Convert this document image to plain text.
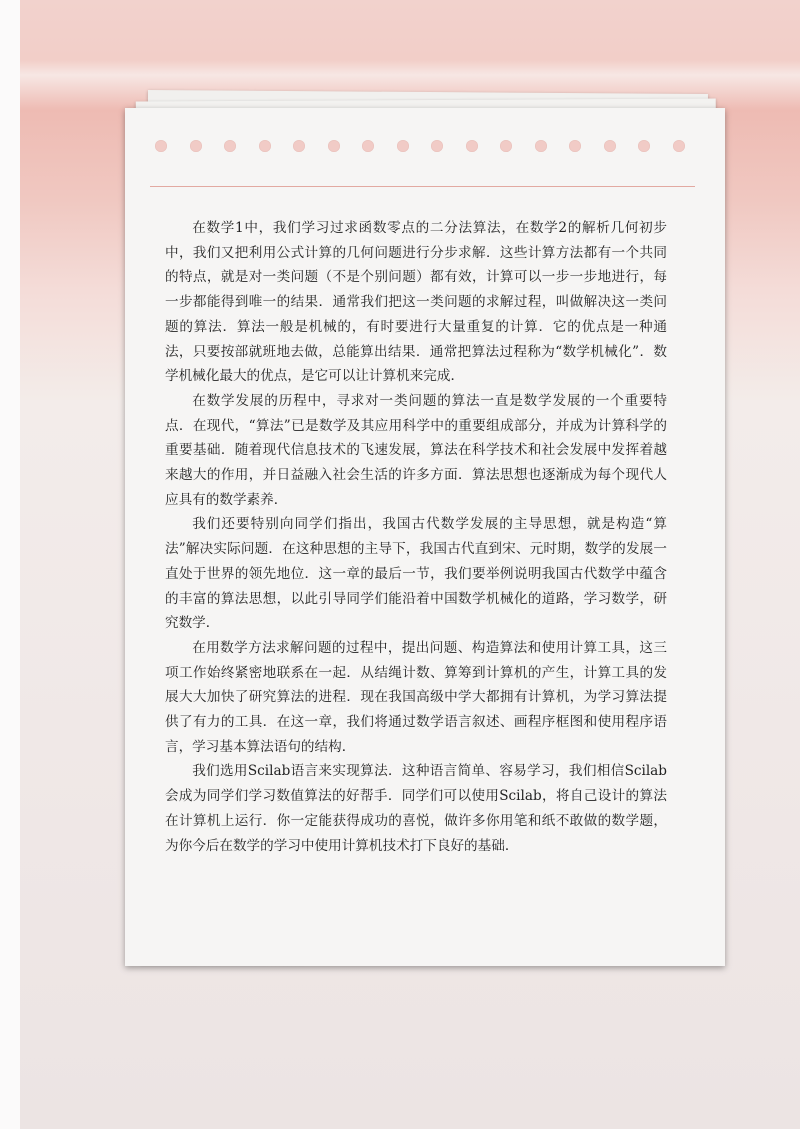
在数学1中，我们学习过求函数零点的二分法算法，在数学2的解析几何初步中，我们又把利用公式计算的几何问题进行分步求解．这些计算方法都有一个共同的特点，就是对一类问题（不是个别问题）都有效，计算可以一步一步地进行，每一步都能得到唯一的结果．通常我们把这一类问题的求解过程，叫做解决这一类问题的算法．算法一般是机械的，有时要进行大量重复的计算．它的优点是一种通法，只要按部就班地去做，总能算出结果．通常把算法过程称为“数学机械化”．数学机械化最大的优点，是它可以让计算机来完成．

在数学发展的历程中，寻求对一类问题的算法一直是数学发展的一个重要特点．在现代，“算法”已是数学及其应用科学中的重要组成部分，并成为计算科学的重要基础．随着现代信息技术的飞速发展，算法在科学技术和社会发展中发挥着越来越大的作用，并日益融入社会生活的许多方面．算法思想也逐渐成为每个现代人应具有的数学素养．

我们还要特别向同学们指出，我国古代数学发展的主导思想，就是构造“算法”解决实际问题．在这种思想的主导下，我国古代直到宋、元时期，数学的发展一直处于世界的领先地位．这一章的最后一节，我们要举例说明我国古代数学中蕴含的丰富的算法思想，以此引导同学们能沿着中国数学机械化的道路，学习数学，研究数学．

在用数学方法求解问题的过程中，提出问题、构造算法和使用计算工具，这三项工作始终紧密地联系在一起．从结绳计数、算筹到计算机的产生，计算工具的发展大大加快了研究算法的进程．现在我国高级中学大都拥有计算机，为学习算法提供了有力的工具．在这一章，我们将通过数学语言叙述、画程序框图和使用程序语言，学习基本算法语句的结构．

我们选用Scilab语言来实现算法．这种语言简单、容易学习，我们相信Scilab会成为同学们学习数值算法的好帮手．同学们可以使用Scilab，将自己设计的算法在计算机上运行．你一定能获得成功的喜悦，做许多你用笔和纸不敢做的数学题，为你今后在数学的学习中使用计算机技术打下良好的基础．
